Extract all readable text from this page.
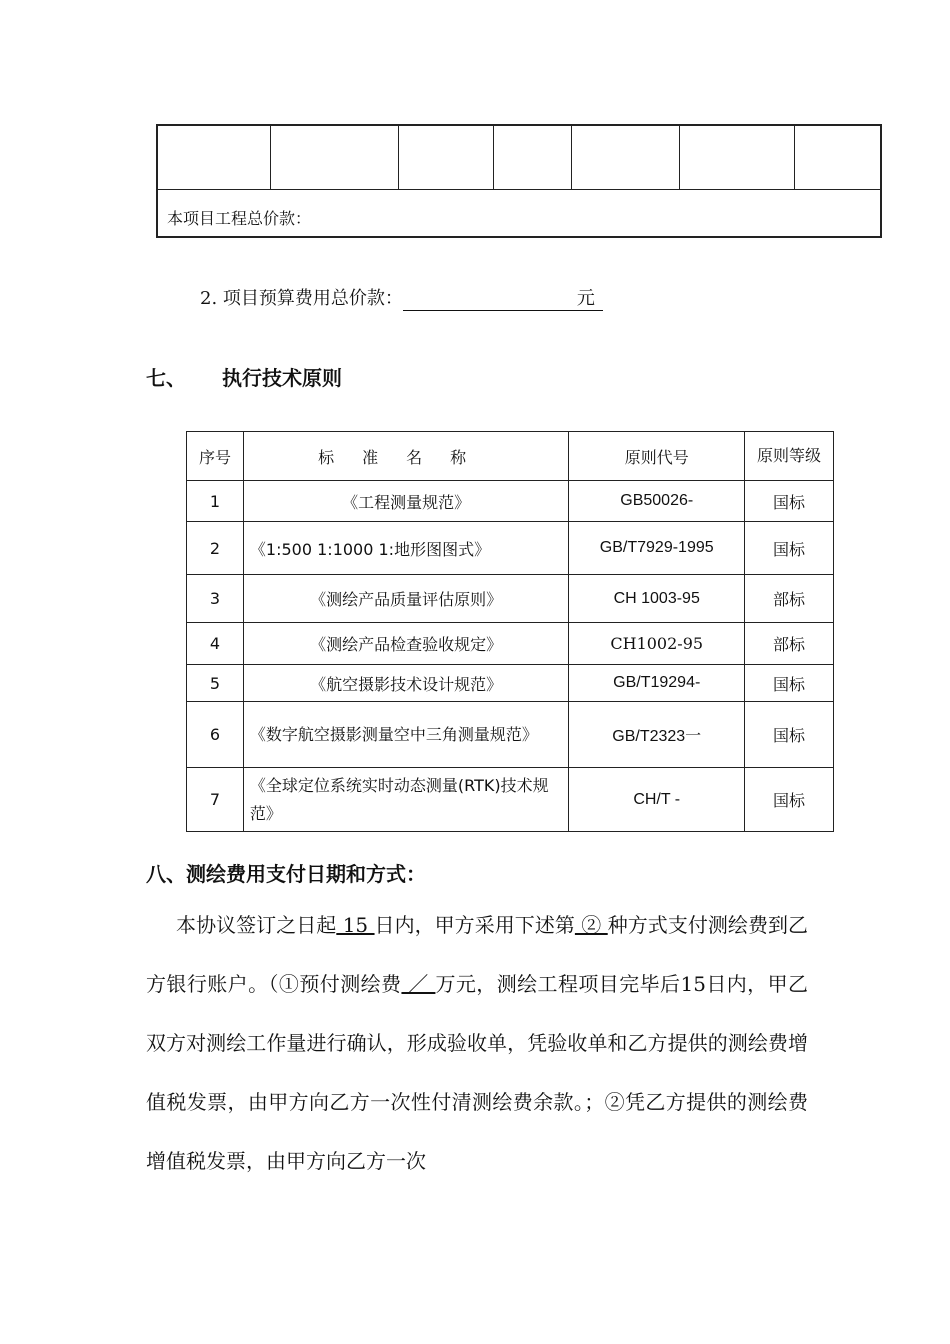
本项目工程总价款：
2. 项目预算费用总价款：	元
七、 执行技术原则
序号	标准名称	原则代号	原则等级
1	《工程测量规范》	GB50026-	国标
2	《1:500 1:1000 1:地形图图式》	GB/T7929-1995	国标
3	《测绘产品质量评估原则》	CH 1003-95	部标
4	《测绘产品检查验收规定》	CH1002-95	部标
5	《航空摄影技术设计规范》	GB/T19294-	国标
6	《数字航空摄影测量空中三角测量规范》	GB/T2323一	国标
7	《全球定位系统实时动态测量(RTK)技术规范》	CH/T -	国标
八、测绘费用支付日期和方式：

  本协议签订之日起 15 日内，甲方采用下述第 ② 种方式支付测绘费到乙方银行账户。（①预付测绘费 ／ 万元，测绘工程项目完毕后15日内，甲乙双方对测绘工作量进行确认，形成验收单，凭验收单和乙方提供的测绘费增值税发票，由甲方向乙方一次性付清测绘费余款。；②凭乙方提供的测绘费增值税发票，由甲方向乙方一次
